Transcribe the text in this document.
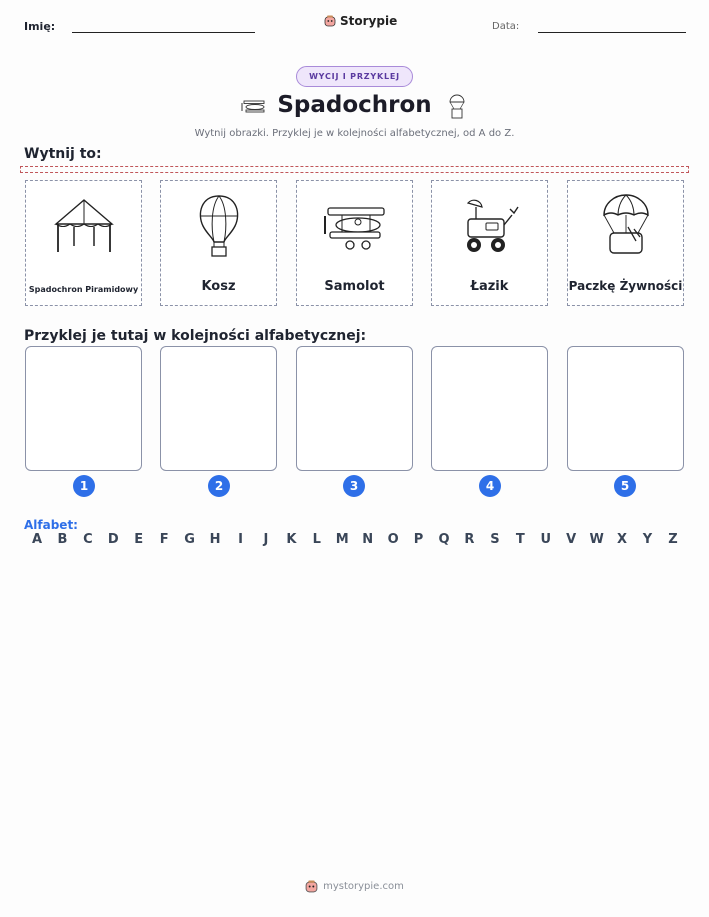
Imię:	Storypie	Data:
WYCIJ I PRZYKLEJ
Spadochron
Wytnij obrazki. Przyklej je w kolejności alfabetycznej, od A do Z.
Wytnij to:
Spadochron Piramidowy	Kosz	Samolot	Łazik	Paczkę Żywności
Przyklej je tutaj w kolejności alfabetycznej:
1	2	3	4	5
Alfabet:
A	B	C	D	E	F	G	H	I	J	K	L	M	N	O	P	Q	R	S	T	U	V	W	X	Y	Z
mystorypie.com
